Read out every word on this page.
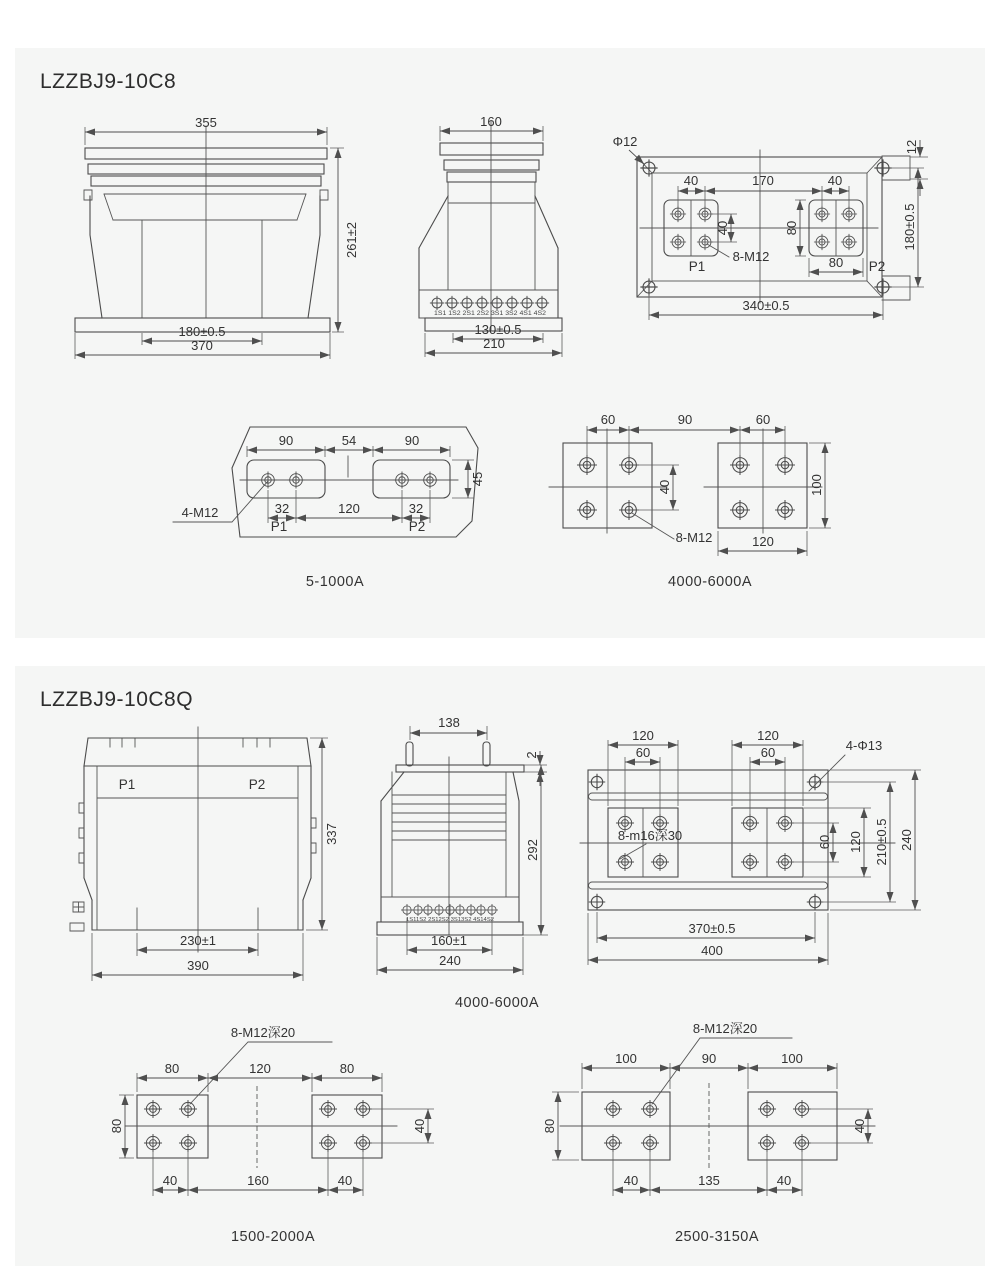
LZZBJ9-10C8
355
261±2
180±0.5
370
1S1 1S2 2S1 2S2 3S1 3S2 4S1 4S2
160
130±0.5
210
Φ12	12
40	170	40
40	80
8-M12
P1	80 P2
180±0.5
340±0.5
90	54	90
45
32	120	32
4-M12
P1	P2
5-1000A
60	90	60
40
8-M12
100
120
4000-6000A
LZZBJ9-10C8Q
P1	P2
337
230±1
390
1S11S2 2S12S2 3S13S2 4S14S2
138
2
292
160±1
240
4000-6000A
120
60
120
60	4-Φ13
8-m16深30	60 120 210±0.5 240
370±0.5
400
8-M12深20
80	120	80
80	40
40	160	40
1500-2000A
8-M12深20
100	90	100
80	40
40	135	40
2500-3150A
